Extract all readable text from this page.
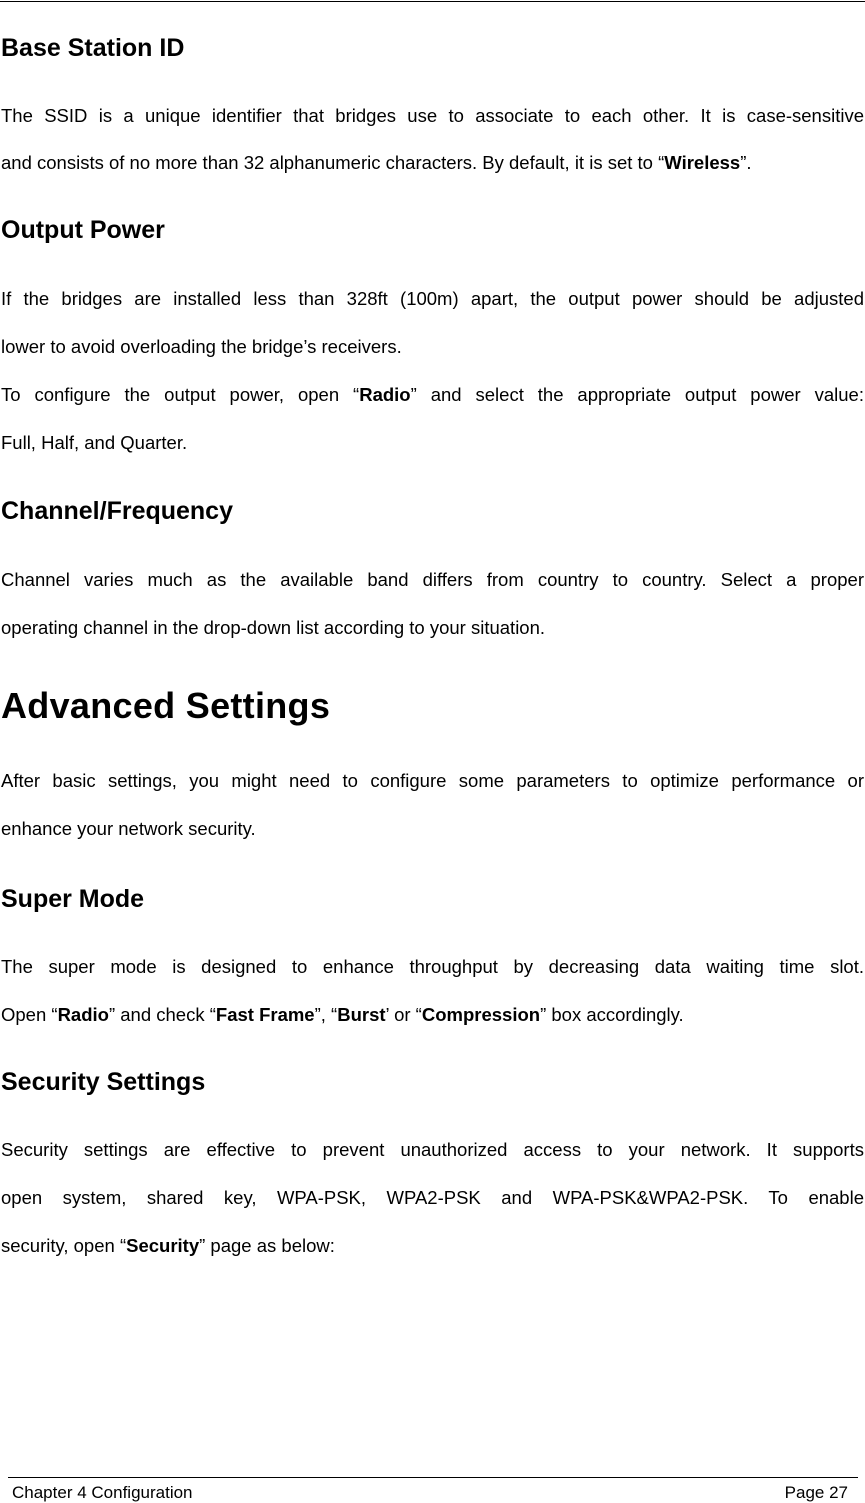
Base Station ID
The SSID is a unique identifier that bridges use to associate to each other. It is case-sensitive
and consists of no more than 32 alphanumeric characters. By default, it is set to “Wireless”.
Output Power
If the bridges are installed less than 328ft (100m) apart, the output power should be adjusted
lower to avoid overloading the bridge’s receivers.
To configure the output power, open “Radio” and select the appropriate output power value:
Full, Half, and Quarter.
Channel/Frequency
Channel varies much as the available band differs from country to country. Select a proper
operating channel in the drop-down list according to your situation.
Advanced Settings
After basic settings, you might need to configure some parameters to optimize performance or
enhance your network security.
Super Mode
The super mode is designed to enhance throughput by decreasing data waiting time slot.
Open “Radio” and check “Fast Frame”, “Burst’ or “Compression” box accordingly.
Security Settings
Security settings are effective to prevent unauthorized access to your network. It supports
open system, shared key, WPA-PSK, WPA2-PSK and WPA-PSK&WPA2-PSK. To enable
security, open “Security” page as below:
Chapter 4 Configuration	Page 27
